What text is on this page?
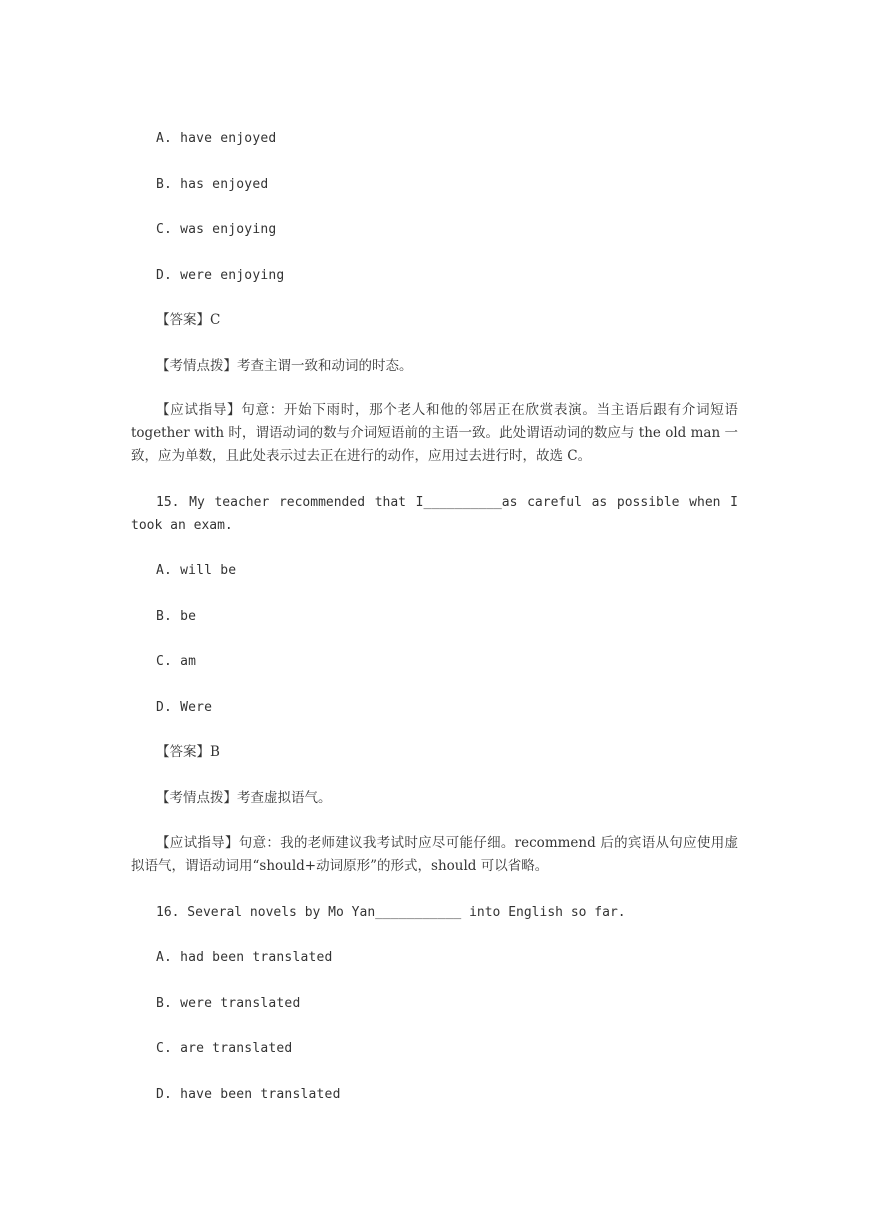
A. have enjoyed
B. has enjoyed
C. was enjoying
D. were enjoying
【答案】C
【考情点拨】考查主谓一致和动词的时态。
【应试指导】句意：开始下雨时，那个老人和他的邻居正在欣赏表演。当主语后跟有介词短语 together with 时，谓语动词的数与介词短语前的主语一致。此处谓语动词的数应与 the old man 一致，应为单数，且此处表示过去正在进行的动作，应用过去进行时，故选 C。
15. My teacher recommended that I__________as careful as possible when I took an exam.
A. will be
B. be
C. am
D. Were
【答案】B
【考情点拨】考查虚拟语气。
【应试指导】句意：我的老师建议我考试时应尽可能仔细。recommend 后的宾语从句应使用虚拟语气，谓语动词用“should+动词原形”的形式，should 可以省略。
16. Several novels by Mo Yan___________ into English so far.
A. had been translated
B. were translated
C. are translated
D. have been translated
